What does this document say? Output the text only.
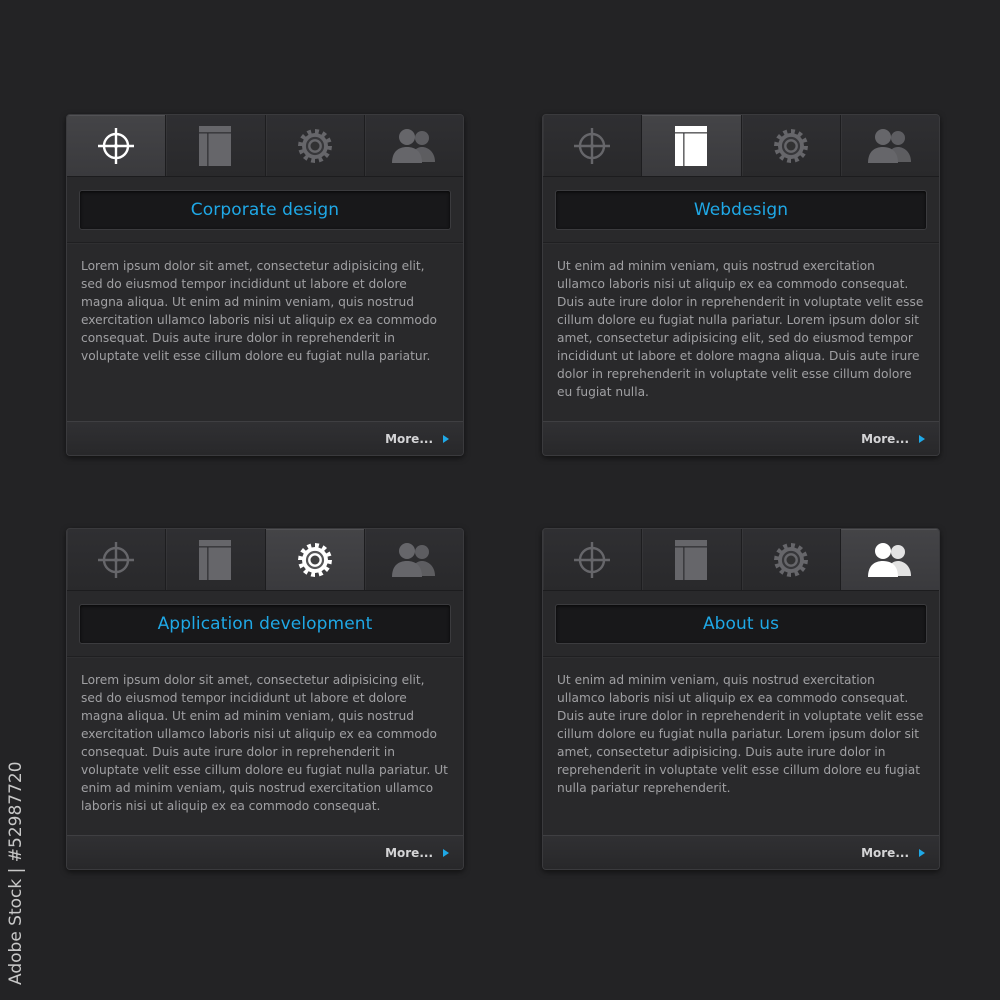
Corporate design
Lorem ipsum dolor sit amet, consectetur adipisicing elit, sed do eiusmod tempor incididunt ut labore et dolore magna aliqua. Ut enim ad minim veniam, quis nostrud exercitation ullamco laboris nisi ut aliquip ex ea commodo consequat. Duis aute irure dolor in reprehenderit in voluptate velit esse cillum dolore eu fugiat nulla pariatur.
More...
Webdesign
Ut enim ad minim veniam, quis nostrud exercitation ullamco laboris nisi ut aliquip ex ea commodo consequat. Duis aute irure dolor in reprehenderit in voluptate velit esse cillum dolore eu fugiat nulla pariatur. Lorem ipsum dolor sit amet, consectetur adipisicing elit, sed do eiusmod tempor incididunt ut labore et dolore magna aliqua. Duis aute irure dolor in reprehenderit in voluptate velit esse cillum dolore eu fugiat nulla.
More...
Application development
Lorem ipsum dolor sit amet, consectetur adipisicing elit, sed do eiusmod tempor incididunt ut labore et dolore magna aliqua. Ut enim ad minim veniam, quis nostrud exercitation ullamco laboris nisi ut aliquip ex ea commodo consequat. Duis aute irure dolor in reprehenderit in voluptate velit esse cillum dolore eu fugiat nulla pariatur. Ut enim ad minim veniam, quis nostrud exercitation ullamco laboris nisi ut aliquip ex ea commodo consequat.
More...
About us
Ut enim ad minim veniam, quis nostrud exercitation ullamco laboris nisi ut aliquip ex ea commodo consequat. Duis aute irure dolor in reprehenderit in voluptate velit esse cillum dolore eu fugiat nulla pariatur. Lorem ipsum dolor sit amet, consectetur adipisicing. Duis aute irure dolor in reprehenderit in voluptate velit esse cillum dolore eu fugiat nulla pariatur reprehenderit.
More...
Adobe Stock | #52987720
